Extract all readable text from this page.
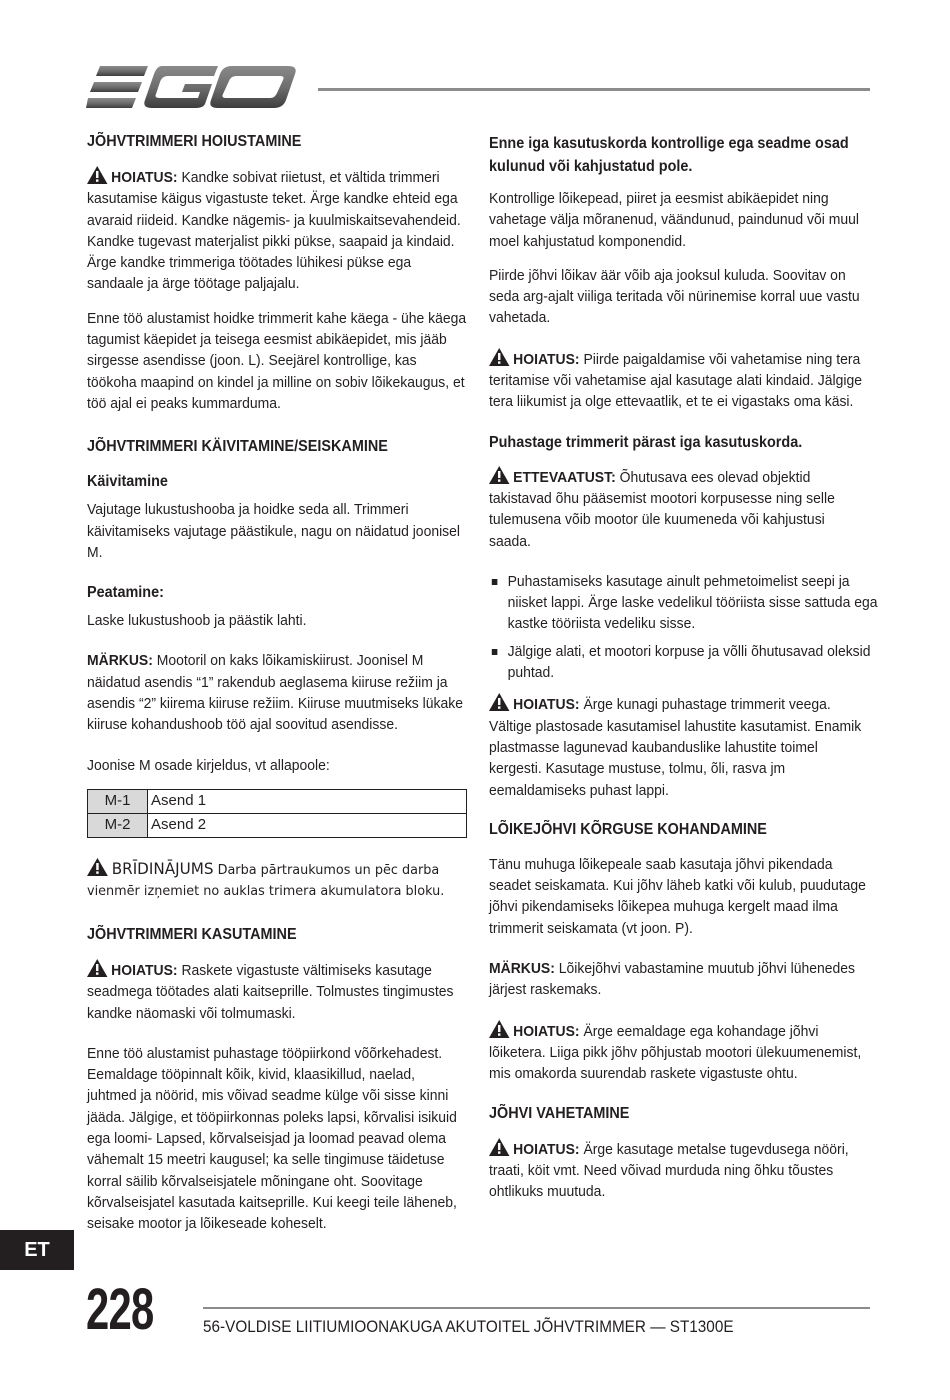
JÕHVTRIMMERI HOIUSTAMINE

HOIATUS: Kandke sobivat riietust, et vältida trimmeri kasutamise käigus vigastuste teket. Ärge kandke ehteid ega avaraid riideid. Kandke nägemis- ja kuulmiskaitsevahendeid. Kandke tugevast materjalist pikki pükse, saapaid ja kindaid. Ärge kandke trimmeriga töötades lühikesi pükse ega sandaale ja ärge töötage paljajalu.

Enne töö alustamist hoidke trimmerit kahe käega - ühe käega tagumist käepidet ja teisega eesmist abikäepidet, mis jääb sirgesse asendisse (joon. L). Seejärel kontrollige, kas töökoha maapind on kindel ja milline on sobiv lõikekaugus, et töö ajal ei peaks kummarduma.

JÕHVTRIMMERI KÄIVITAMINE/SEISKAMINE
Käivitamine

Vajutage lukustushooba ja hoidke seda all. Trimmeri käivitamiseks vajutage päästikule, nagu on näidatud joonisel M.

Peatamine:

Laske lukustushoob ja päästik lahti.

MÄRKUS: Mootoril on kaks lõikamiskiirust. Joonisel M näidatud asendis “1” rakendub aeglasema kiiruse režiim ja asendis “2” kiirema kiiruse režiim. Kiiruse muutmiseks lükake kiiruse kohandushoob töö ajal soovitud asendisse.

Joonise M osade kirjeldus, vt allapoole:

M-1	Asend 1
M-2	Asend 2

BRĪDINĀJUMS Darba pārtraukumos un pēc darba vienmēr izņemiet no auklas trimera akumulatora bloku.

JÕHVTRIMMERI KASUTAMINE

HOIATUS: Raskete vigastuste vältimiseks kasutage seadmega töötades alati kaitseprille. Tolmustes tingimustes kandke näomaski või tolmumaski.

Enne töö alustamist puhastage tööpiirkond võõrkehadest. Eemaldage tööpinnalt kõik, kivid, klaasikillud, naelad, juhtmed ja nöörid, mis võivad seadme külge või sisse kinni jääda. Jälgige, et tööpiirkonnas poleks lapsi, kõrvalisi isikuid ega loomi- Lapsed, kõrvalseisjad ja loomad peavad olema vähemalt 15 meetri kaugusel; ka selle tingimuse täidetuse korral säilib kõrvalseisjatele mõningane oht. Soovitage kõrvalseisjatel kasutada kaitseprille. Kui keegi teile läheneb, seisake mootor ja lõikeseade koheselt.

Enne iga kasutuskorda kontrollige ega seadme osad kulunud või kahjustatud pole.

Kontrollige lõikepead, piiret ja eesmist abikäepidet ning vahetage välja mõranenud, väändunud, paindunud või muul moel kahjustatud komponendid.

Piirde jõhvi lõikav äär võib aja jooksul kuluda. Soovitav on seda arg-ajalt viiliga teritada või nürinemise korral uue vastu vahetada.

HOIATUS: Piirde paigaldamise või vahetamise ning tera teritamise või vahetamise ajal kasutage alati kindaid. Jälgige tera liikumist ja olge ettevaatlik, et te ei vigastaks oma käsi.

Puhastage trimmerit pärast iga kasutuskorda.

ETTEVAATUST: Õhutusava ees olevad objektid takistavad õhu pääsemist mootori korpusesse ning selle tulemusena võib mootor üle kuumeneda või kahjustusi saada.

Puhastamiseks kasutage ainult pehmetoimelist seepi ja niisket lappi. Ärge laske vedelikul tööriista sisse sattuda ega kastke tööriista vedeliku sisse.
Jälgige alati, et mootori korpuse ja võlli õhutusavad oleksid puhtad.

HOIATUS: Ärge kunagi puhastage trimmerit veega. Vältige plastosade kasutamisel lahustite kasutamist. Enamik plastmasse lagunevad kaubanduslike lahustite toimel kergesti. Kasutage mustuse, tolmu, õli, rasva jm eemaldamiseks puhast lappi.

LÕIKEJÕHVI KÕRGUSE KOHANDAMINE

Tänu muhuga lõikepeale saab kasutaja jõhvi pikendada seadet seiskamata. Kui jõhv läheb katki või kulub, puudutage jõhvi pikendamiseks lõikepea muhuga kergelt maad ilma trimmerit seiskamata (vt joon. P).

MÄRKUS: Lõikejõhvi vabastamine muutub jõhvi lühenedes järjest raskemaks.

HOIATUS: Ärge eemaldage ega kohandage jõhvi lõiketera. Liiga pikk jõhv põhjustab mootori ülekuumenemist, mis omakorda suurendab raskete vigastuste ohtu.

JÕHVI VAHETAMINE

HOIATUS: Ärge kasutage metalse tugevdusega nööri, traati, köit vmt. Need võivad murduda ning õhku tõustes ohtlikuks muutuda.

ET
228	56-VOLDISE LIITIUMIOONAKUGA AKUTOITEL JÕHVTRIMMER — ST1300E
